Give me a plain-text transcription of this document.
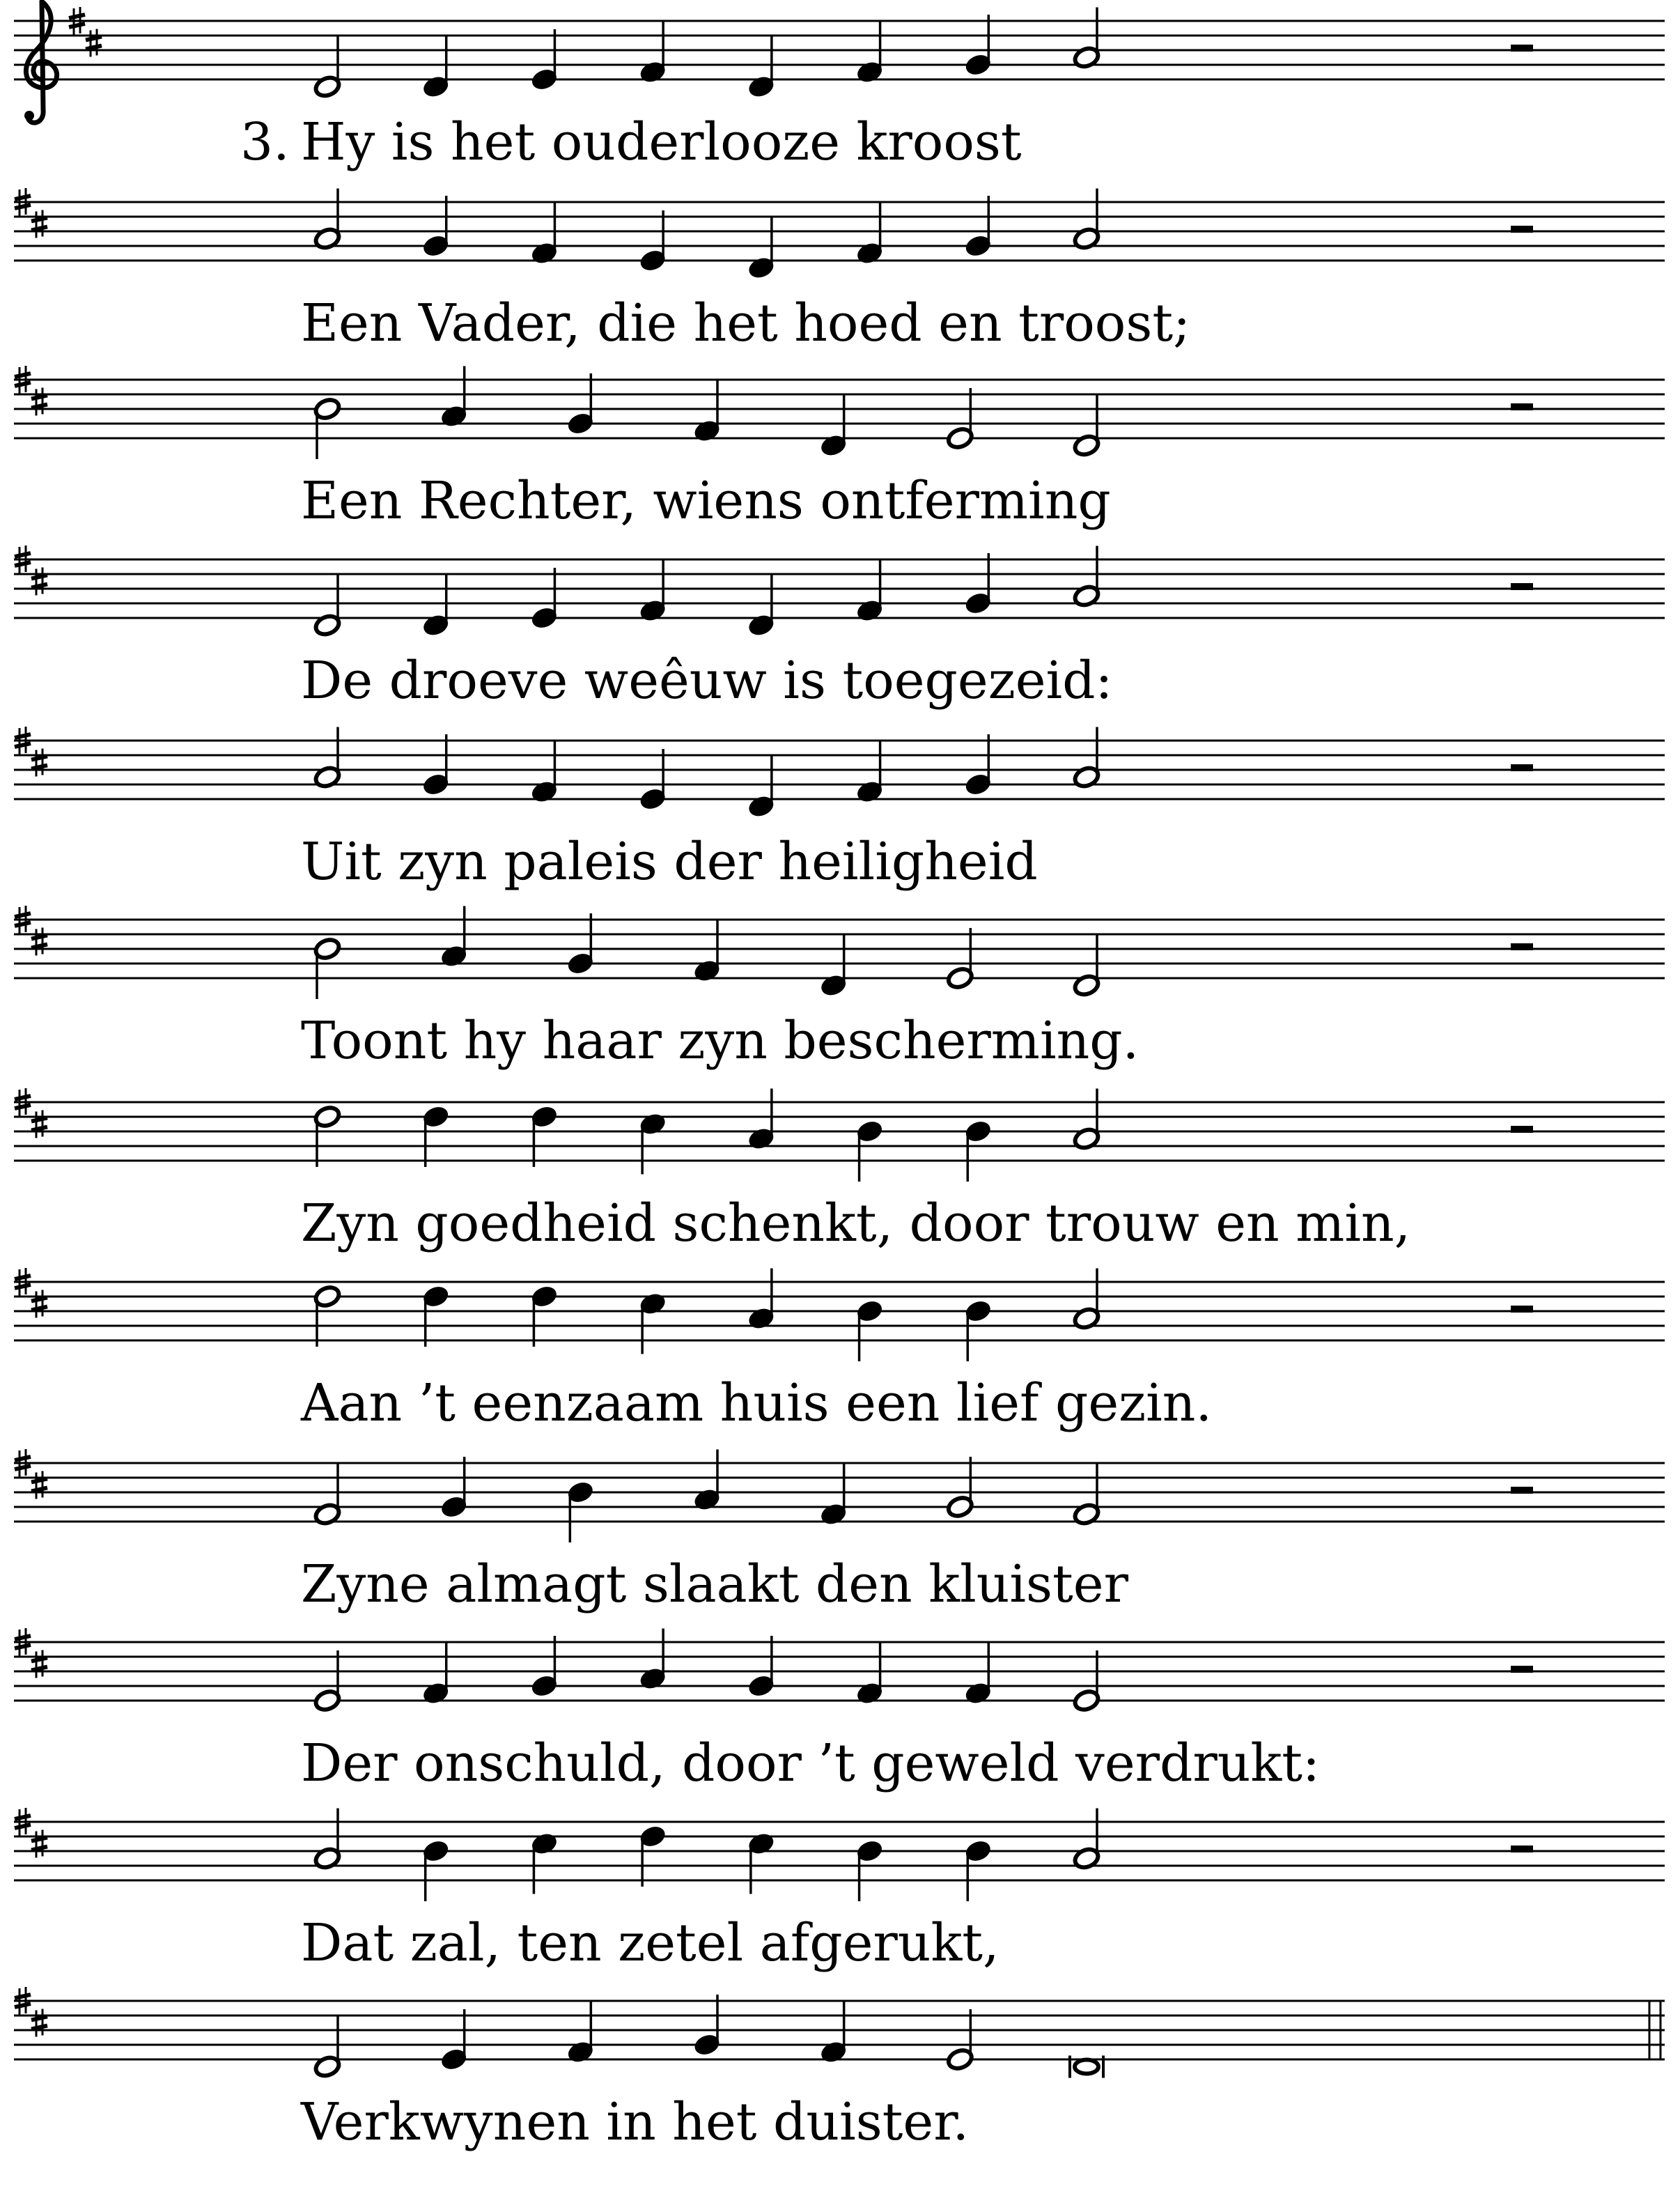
Hy is het ouderlooze kroost
Een Vader, die het hoed en troost;
Een Rechter, wiens ontferming
De droeve weêuw is toegezeid:
Uit zyn paleis der heiligheid
Toont hy haar zyn bescherming.
Zyn goedheid schenkt, door trouw en min,
Aan ’t eenzaam huis een lief gezin.
Zyne almagt slaakt den kluister
Der onschuld, door ’t geweld verdrukt:
Dat zal, ten zetel afgerukt,
Verkwynen in het duister.
3.
